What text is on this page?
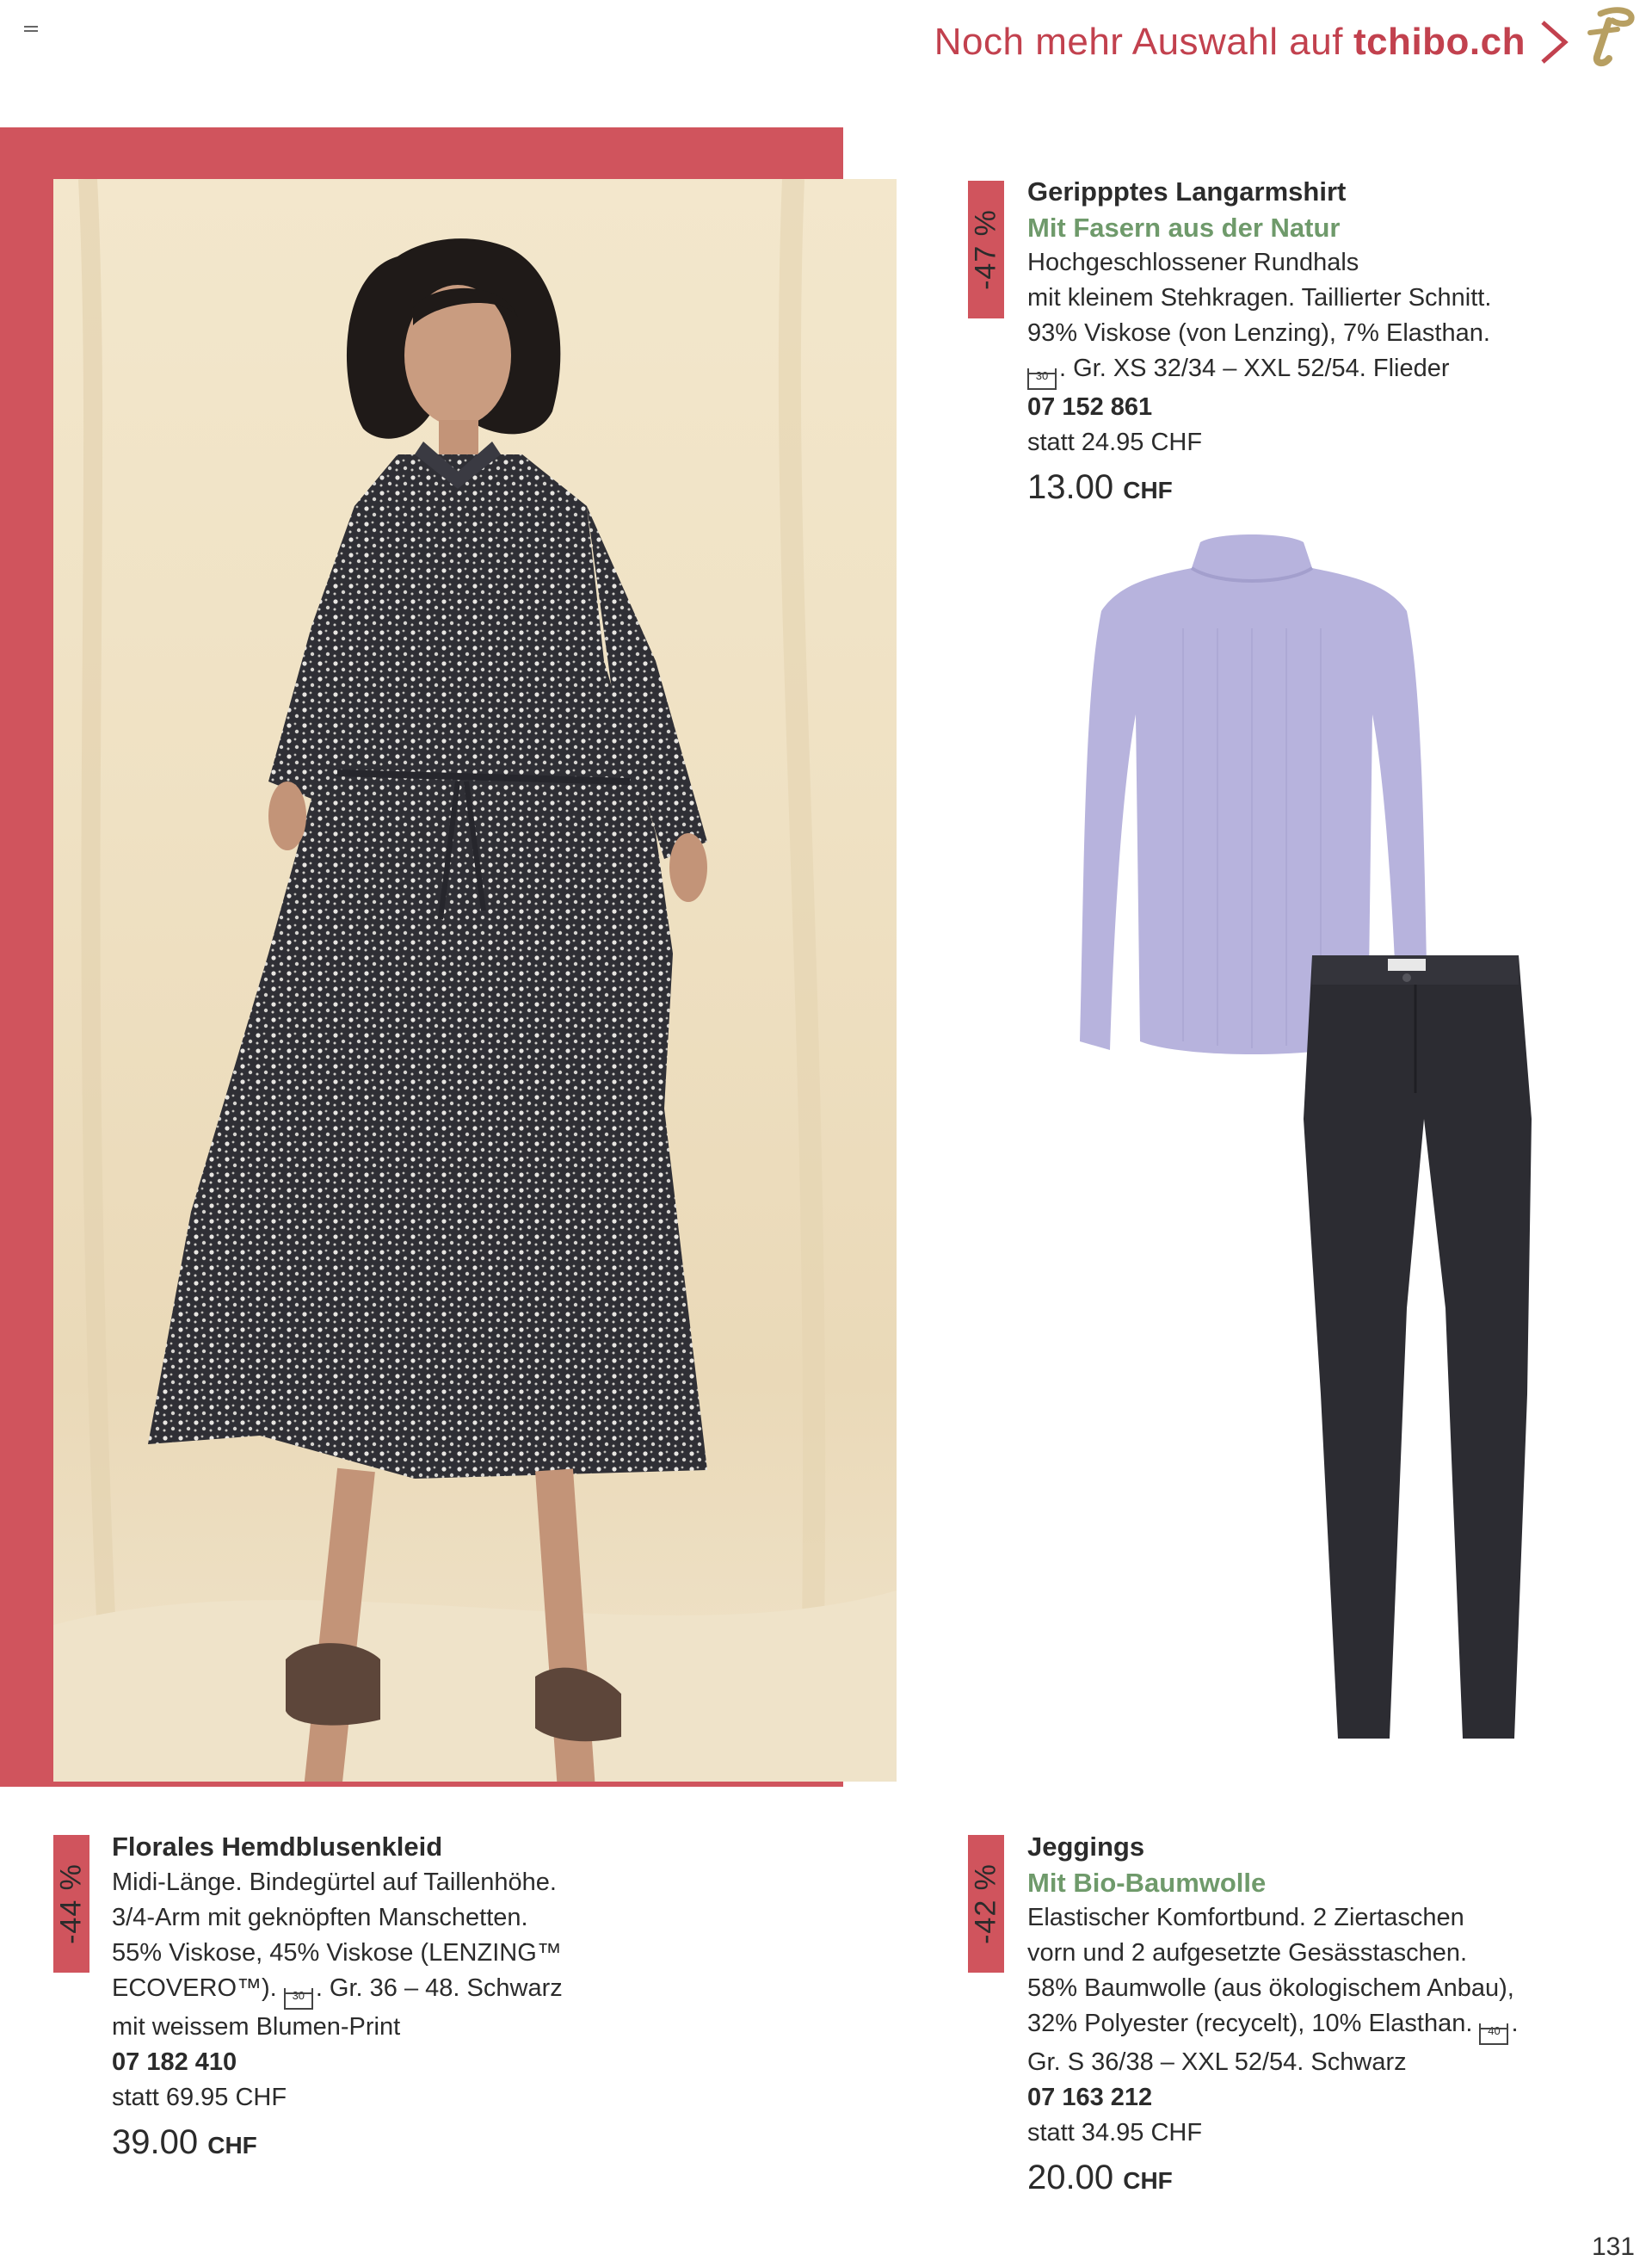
Noch mehr Auswahl auf tchibo.ch
-47 %
Gerippptes Langarmshirt
Mit Fasern aus der Natur
Hochgeschlossener Rundhals
mit kleinem Stehkragen. Taillierter Schnitt.
93% Viskose (von Lenzing), 7% Elasthan.
30 . Gr. XS 32/34 – XXL 52/54. Flieder
07 152 861
statt 24.95 CHF
13.00 CHF
-44 %
Florales Hemdblusenkleid
Midi-Länge. Bindegürtel auf Taillenhöhe.
3/4-Arm mit geknöpften Manschetten.
55% Viskose, 45% Viskose (LENZING™
ECOVERO™). 30 . Gr. 36 – 48. Schwarz
mit weissem Blumen-Print
07 182 410
statt 69.95 CHF
39.00 CHF
-42 %
Jeggings
Mit Bio-Baumwolle
Elastischer Komfortbund. 2 Ziertaschen
vorn und 2 aufgesetzte Gesässtaschen.
58% Baumwolle (aus ökologischem Anbau),
32% Polyester (recycelt), 10% Elasthan. 40 .
Gr. S 36/38 – XXL 52/54. Schwarz
07 163 212
statt 34.95 CHF
20.00 CHF
131
